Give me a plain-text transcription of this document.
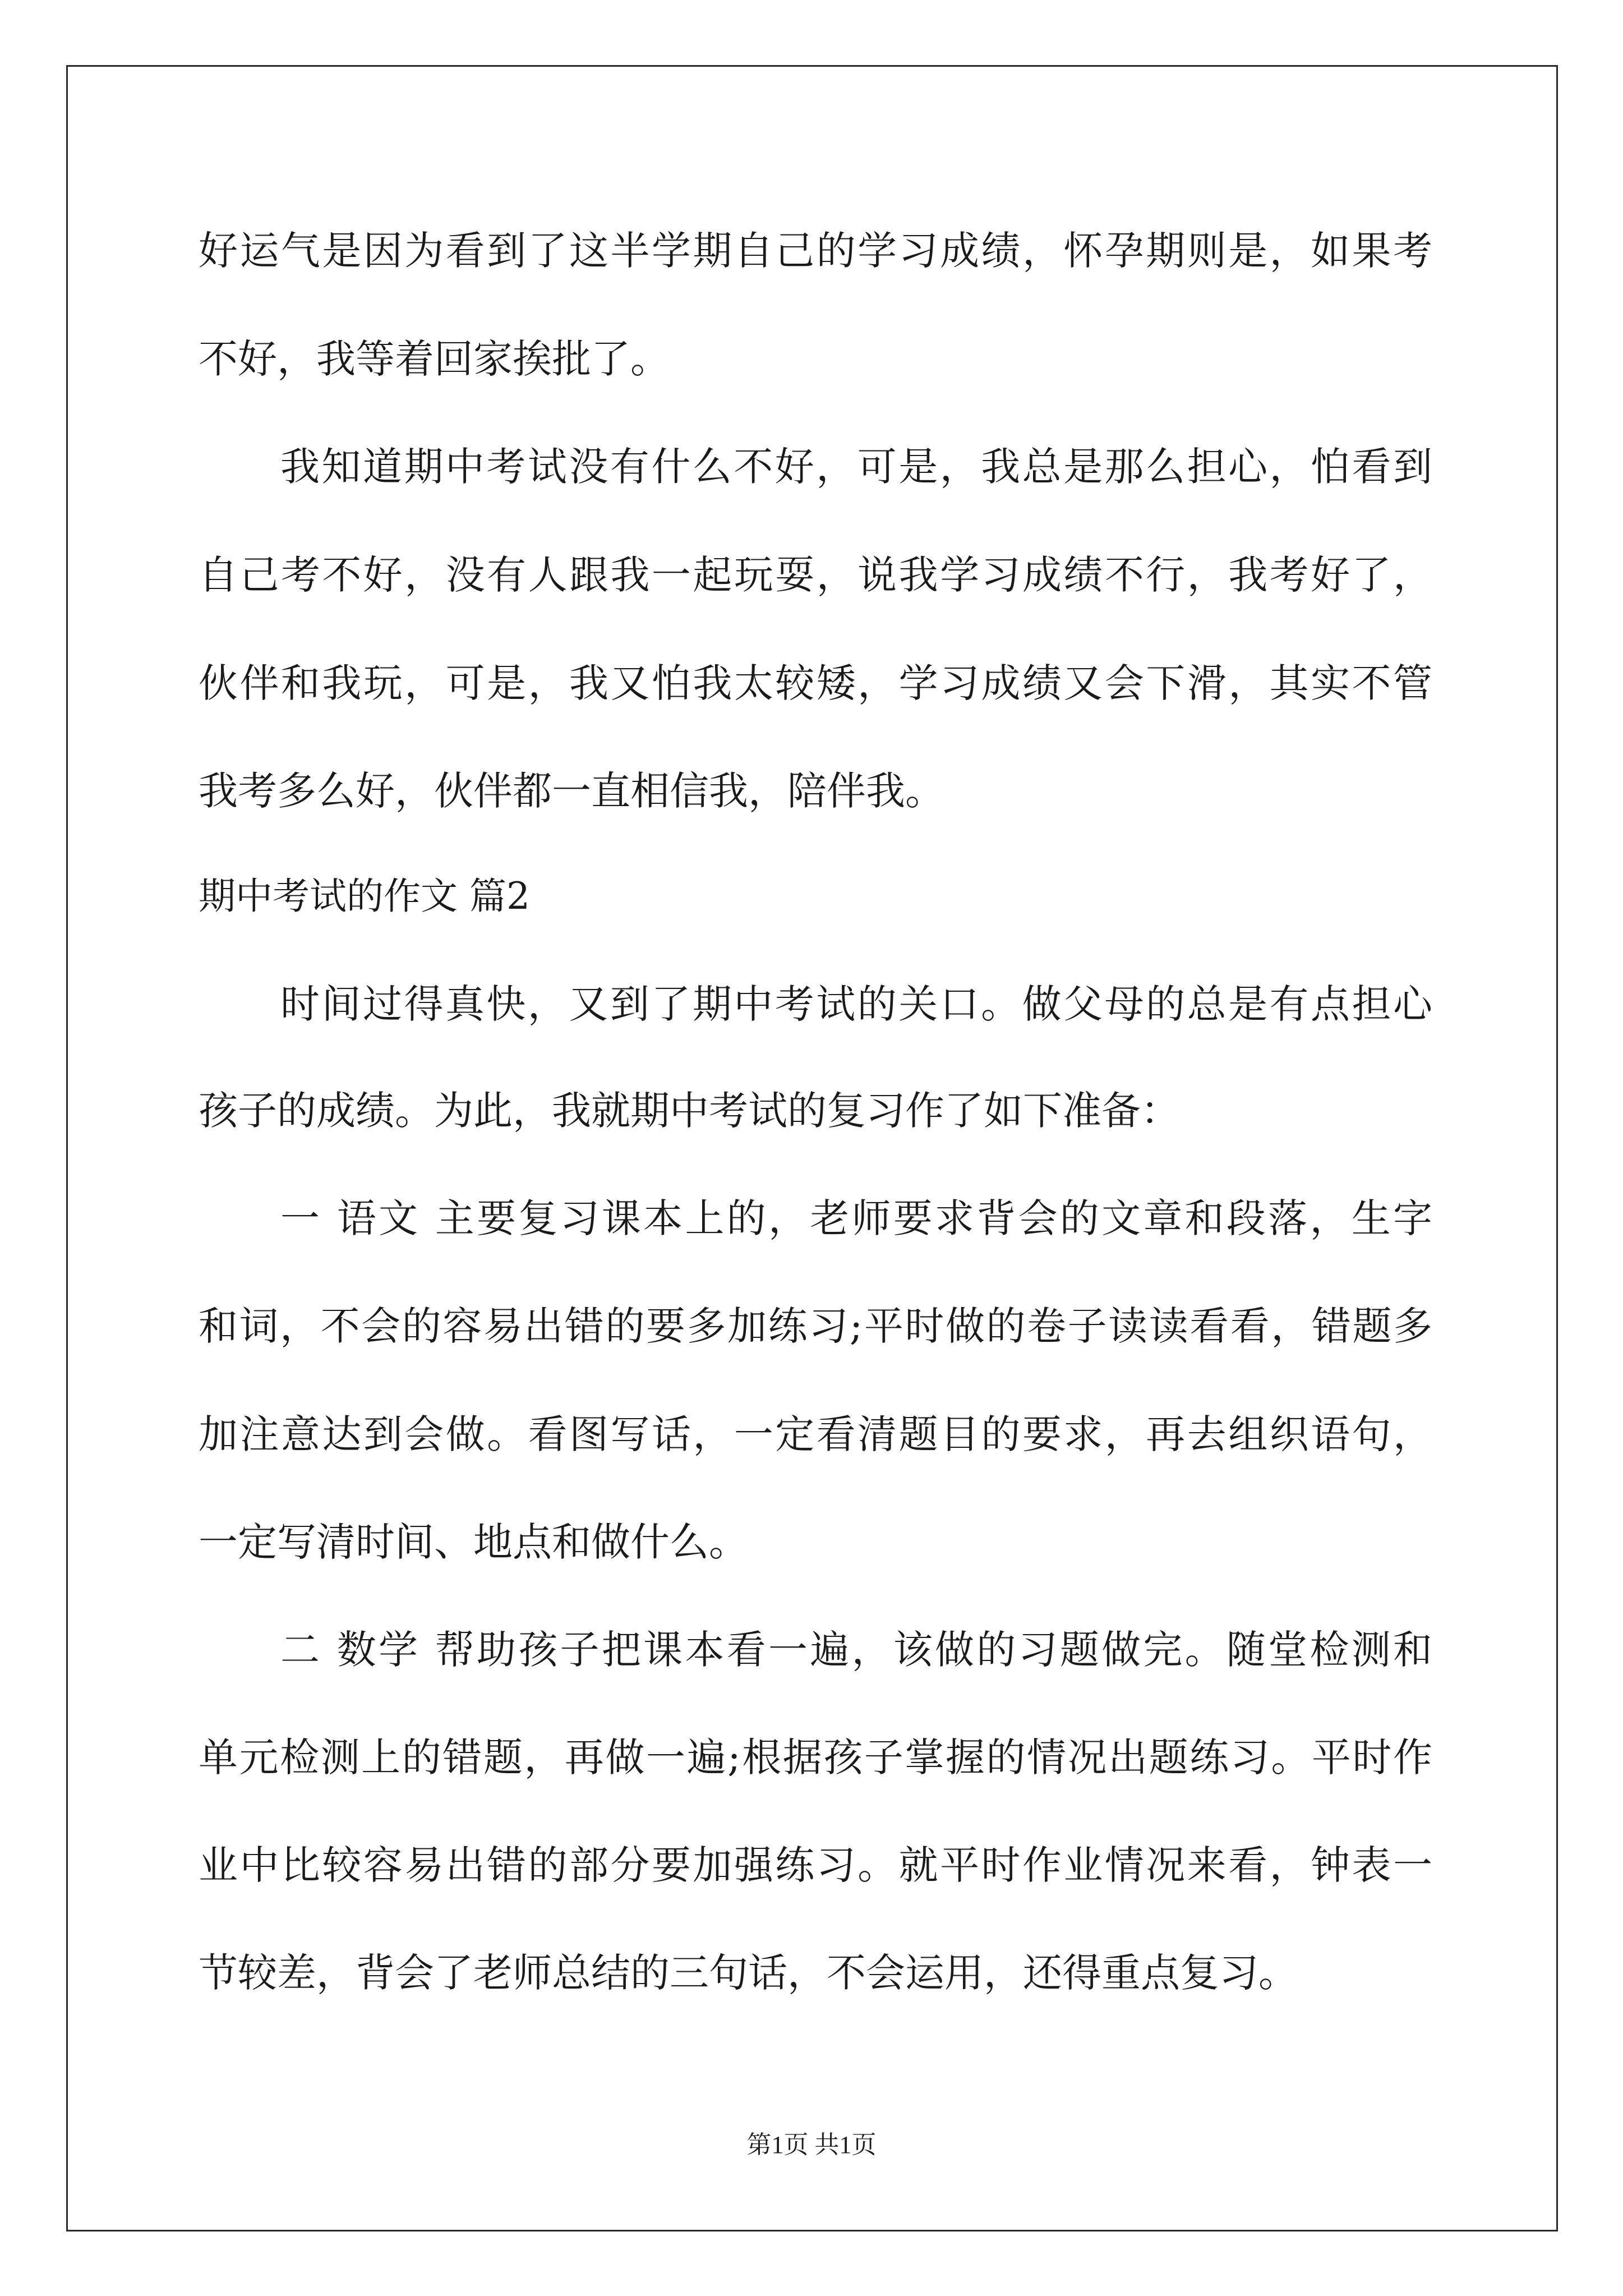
好运气是因为看到了这半学期自己的学习成绩，怀孕期则是，如果考
不好，我等着回家挨批了。
我知道期中考试没有什么不好，可是，我总是那么担心，怕看到
自己考不好，没有人跟我一起玩耍，说我学习成绩不行，我考好了，
伙伴和我玩，可是，我又怕我太较矮，学习成绩又会下滑，其实不管
我考多么好，伙伴都一直相信我，陪伴我。
期中考试的作文 篇2
时间过得真快，又到了期中考试的关口。做父母的总是有点担心
孩子的成绩。为此，我就期中考试的复习作了如下准备：
一 语文 主要复习课本上的，老师要求背会的文章和段落，生字
和词，不会的容易出错的要多加练习;平时做的卷子读读看看，错题多
加注意达到会做。看图写话，一定看清题目的要求，再去组织语句，
一定写清时间、地点和做什么。
二 数学 帮助孩子把课本看一遍，该做的习题做完。随堂检测和
单元检测上的错题，再做一遍;根据孩子掌握的情况出题练习。平时作
业中比较容易出错的部分要加强练习。就平时作业情况来看，钟表一
节较差，背会了老师总结的三句话，不会运用，还得重点复习。
第1页 共1页
